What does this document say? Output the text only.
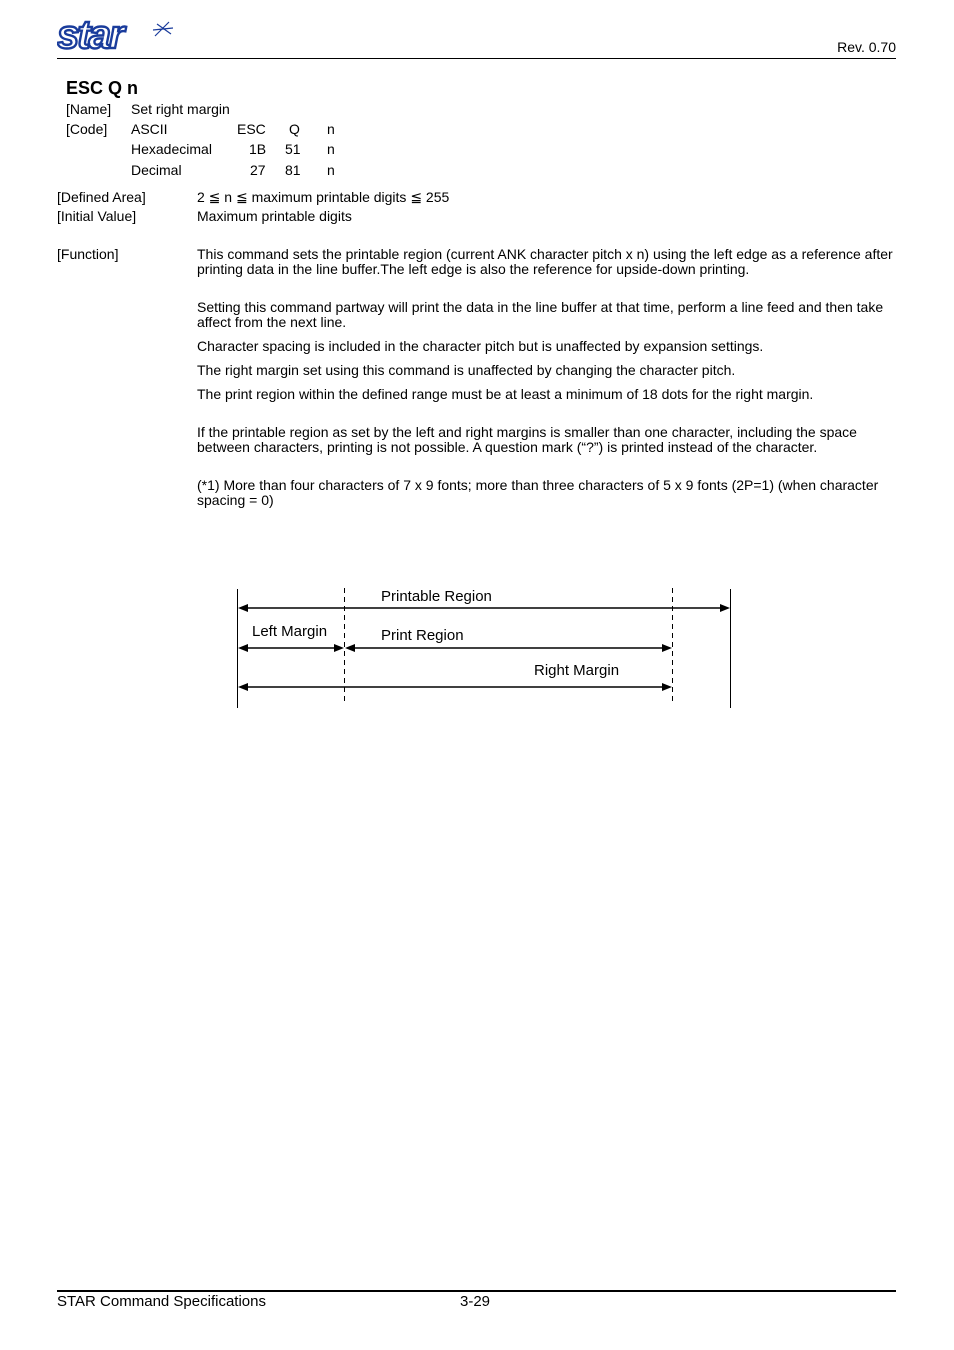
star	Rev. 0.70
ESC Q n
[Name] Set right margin
[Code] ASCII	ESC Q n
Hexadecimal	1B 51 n
Decimal	27 81 n
[Defined Area]	2 ≦ n ≦ maximum printable digits ≦ 255
[Initial Value]	Maximum printable digits
[Function]	This command sets the printable region (current ANK character pitch x n) using the left edge as a reference after printing data in the line buffer.The left edge is also the reference for upside-down printing.
Setting this command partway will print the data in the line buffer at that time, perform a line feed and then take affect from the next line.
Character spacing is included in the character pitch but is unaffected by expansion settings.
The right margin set using this command is unaffected by changing the character pitch.
The print region within the defined range must be at least a minimum of 18 dots for the right margin.
If the printable region as set by the left and right margins is smaller than one character, including the space between characters, printing is not possible. A question mark (“?”) is printed instead of the character.
(*1) More than four characters of 7 x 9 fonts; more than three characters of 5 x 9 fonts (2P=1) (when character spacing = 0)
Printable Region
Left Margin	Print Region
Right Margin
STAR Command Specifications	3-29
